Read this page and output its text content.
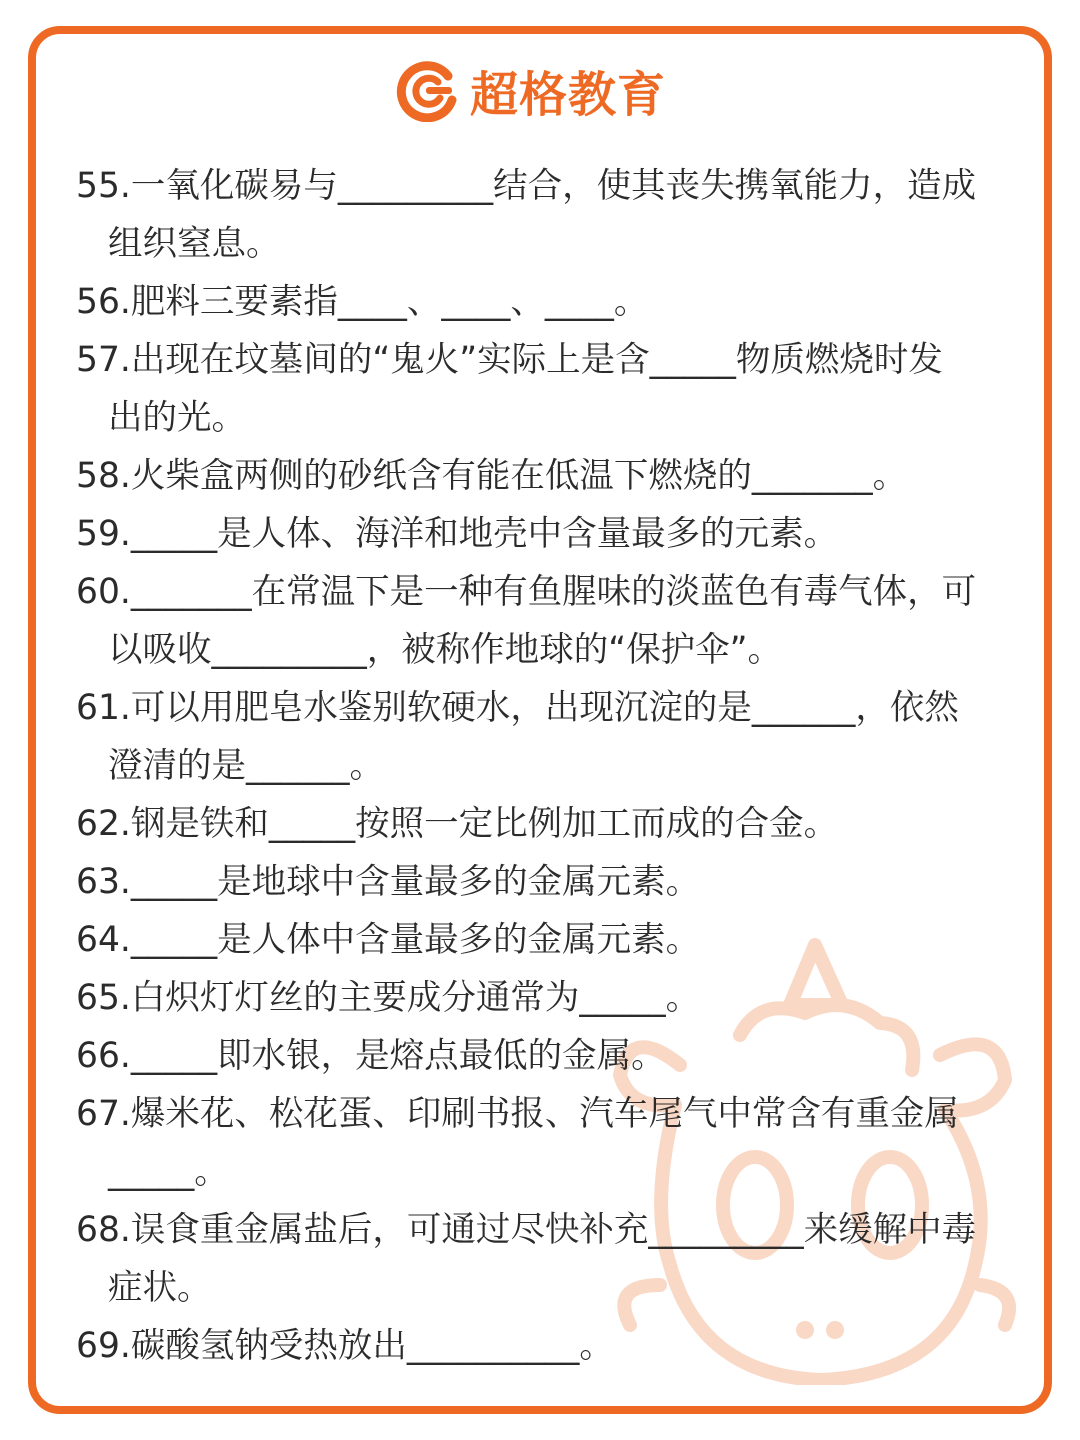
超格教育
55.一氧化碳易与_________结合，使其丧失携氧能力，造成
组织窒息。
56.肥料三要素指____、____、____。
57.出现在坟墓间的“鬼火”实际上是含_____物质燃烧时发
出的光。
58.火柴盒两侧的砂纸含有能在低温下燃烧的_______。
59._____是人体、海洋和地壳中含量最多的元素。
60._______在常温下是一种有鱼腥味的淡蓝色有毒气体，可
以吸收_________，被称作地球的“保护伞”。
61.可以用肥皂水鉴别软硬水，出现沉淀的是______，依然
澄清的是______。
62.钢是铁和_____按照一定比例加工而成的合金。
63._____是地球中含量最多的金属元素。
64._____是人体中含量最多的金属元素。
65.白炽灯灯丝的主要成分通常为_____。
66._____即水银，是熔点最低的金属。
67.爆米花、松花蛋、印刷书报、汽车尾气中常含有重金属
_____。
68.误食重金属盐后，可通过尽快补充_________来缓解中毒
症状。
69.碳酸氢钠受热放出__________。
